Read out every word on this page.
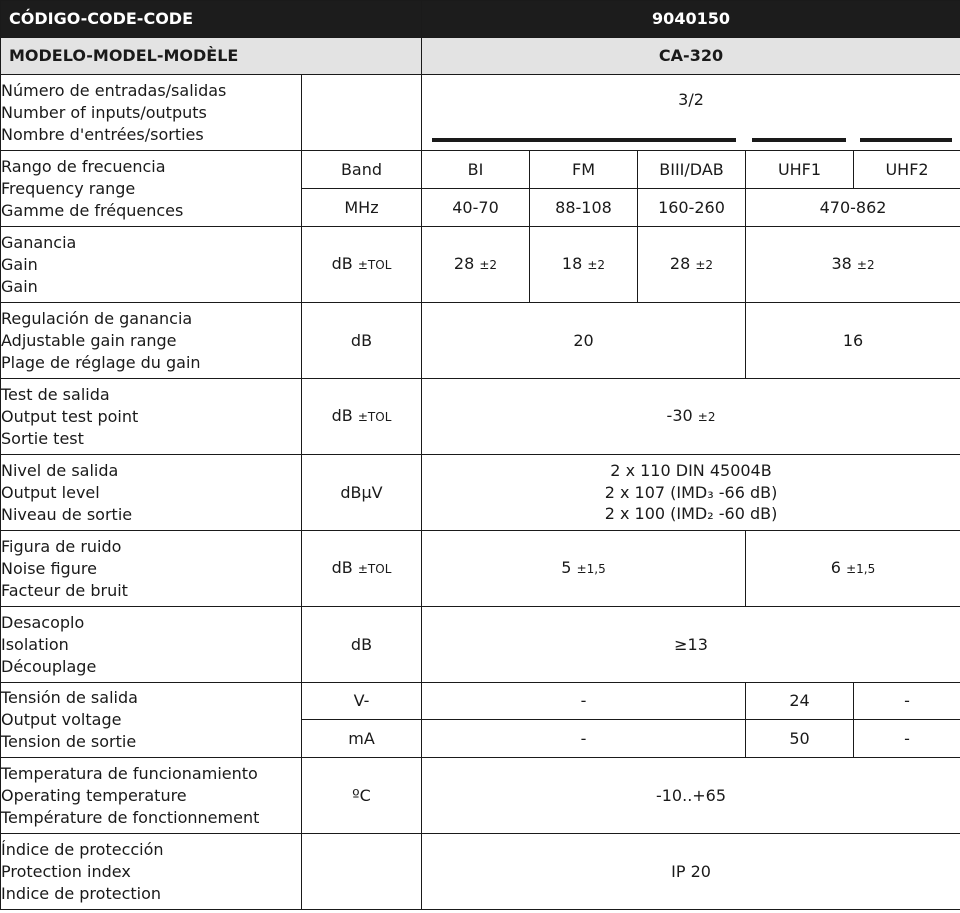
CÓDIGO-CODE-CODE		9040150				
MODELO-MODEL-MODÈLE		CA-320				

Número de entradas/salidas
Number of inputs/outputs
Nombre d'entrées/sorties		3/2				

Rango de frecuencia
Frequency range
Gamme de fréquences	Band	BI	FM	BIII/DAB	UHF1	UHF2
	MHz	40-70	88-108	160-260	470-862	

Ganancia
Gain
Gain	dB ±TOL	28 ±2	18 ±2	28 ±2	38 ±2	

Regulación de ganancia
Adjustable gain range
Plage de réglage du gain	dB	20			16	

Test de salida
Output test point
Sortie test	dB ±TOL	-30 ±2				

Nivel de salida
Output level
Niveau de sortie	dBµV	2 x 110 DIN 45004B
2 x 107 (IMD₃ -66 dB)
2 x 100 (IMD₂ -60 dB)				

Figura de ruido
Noise figure
Facteur de bruit	dB ±TOL	5 ±1,5			6 ±1,5	

Desacoplo
Isolation
Découplage	dB	≥13				

Tensión de salida
Output voltage
Tension de sortie	V-	-			24	-
	mA	-			50	-

Temperatura de funcionamiento
Operating temperature
Température de fonctionnement	ºC	-10..+65				

Índice de protección
Protection index
Indice de protection		IP 20				
